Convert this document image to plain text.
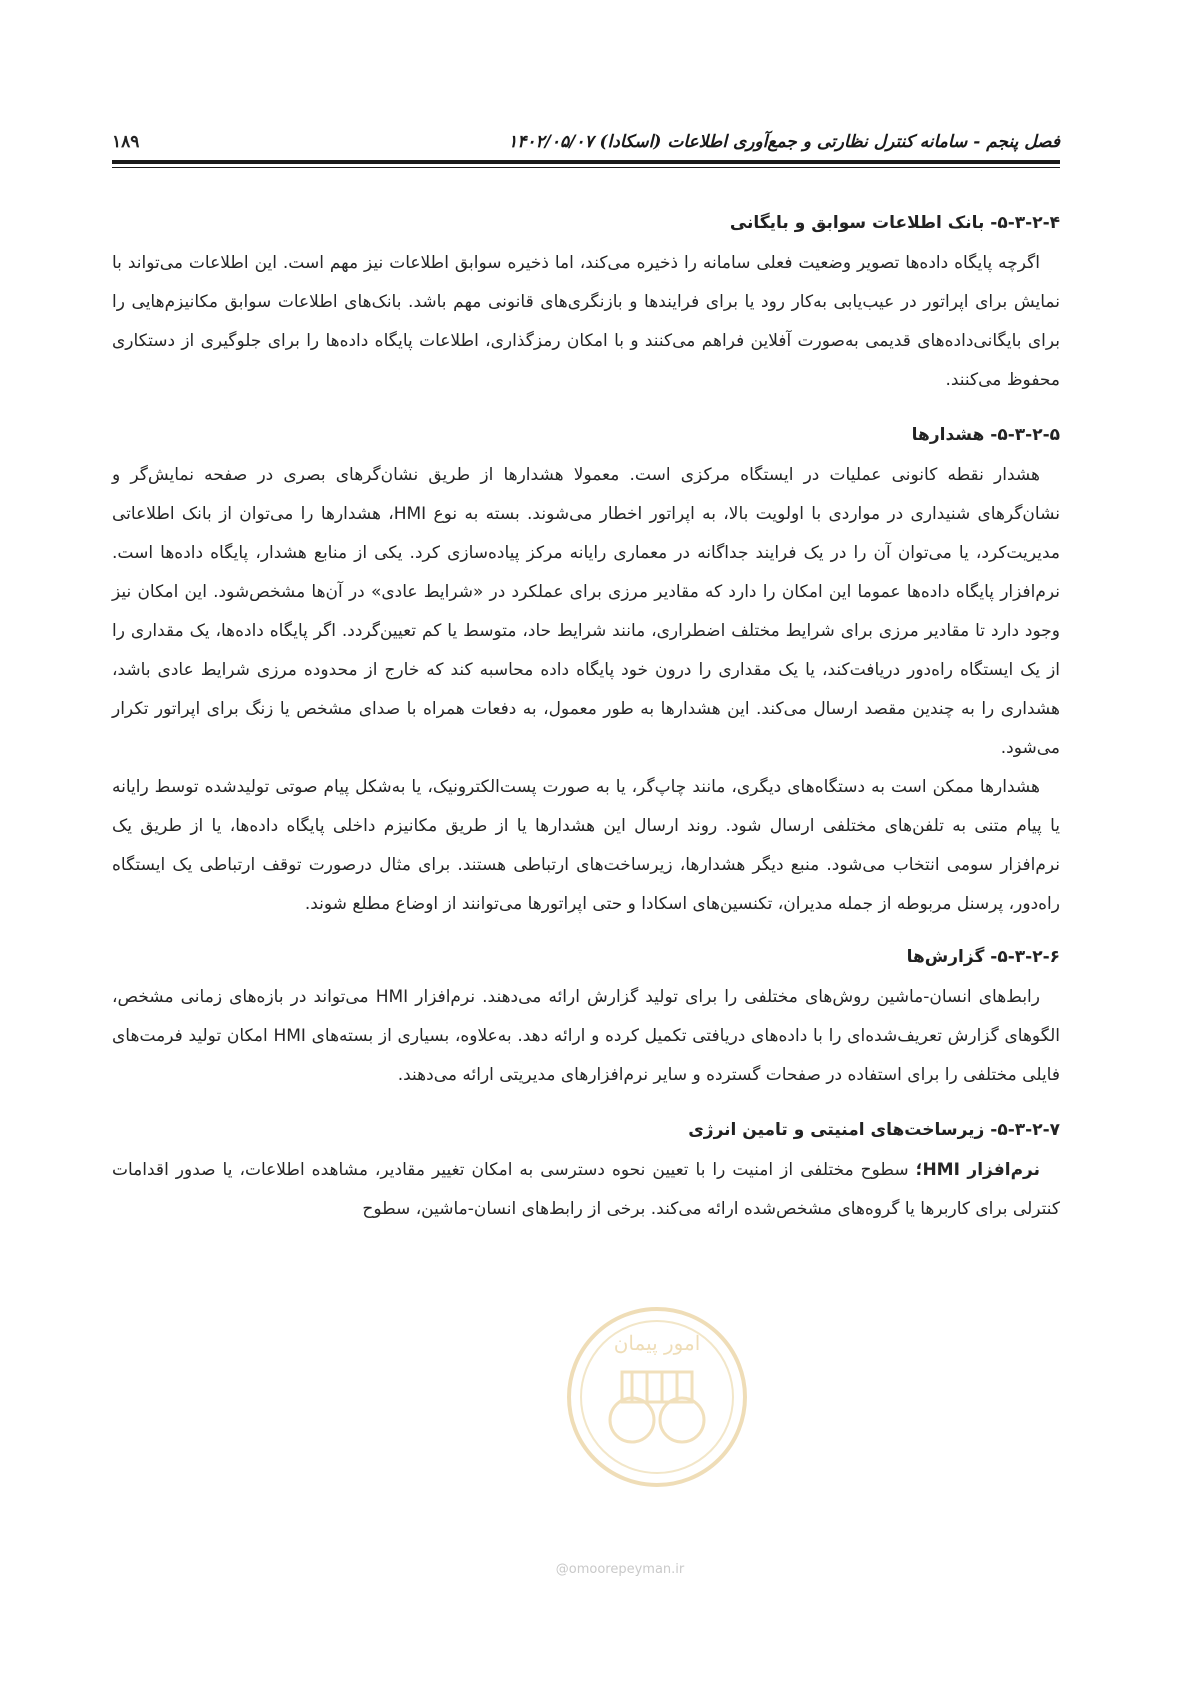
فصل پنجم - سامانه کنترل نظارتی و جمع‌آوری اطلاعات (اسکادا) ۱۴۰۲/۰۵/۰۷
۱۸۹
۵-۳-۲-۴- بانک اطلاعات سوابق و بایگانی

اگرچه پایگاه داده‌ها تصویر وضعیت فعلی سامانه را ذخیره می‌کند، اما ذخیره سوابق اطلاعات نیز مهم است. این اطلاعات می‌تواند با نمایش برای اپراتور در عیب‌یابی به‌کار رود یا برای فرایندها و بازنگری‌های قانونی مهم باشد. بانک‌های اطلاعات سوابق مکانیزم‌هایی را برای بایگانی‌داده‌های قدیمی به‌صورت آفلاین فراهم می‌کنند و با امکان رمزگذاری، اطلاعات پایگاه داده‌ها را برای جلوگیری از دستکاری محفوظ می‌کنند.

۵-۳-۲-۵- هشدارها

هشدار نقطه کانونی عملیات در ایستگاه مرکزی است. معمولا هشدارها از طریق نشان‌گرهای بصری در صفحه نمایش‌گر و نشان‌گرهای شنیداری در مواردی با اولویت بالا، به اپراتور اخطار می‌شوند. بسته به نوع HMI، هشدارها را می‌توان از بانک اطلاعاتی مدیریت‌کرد، یا می‌توان آن را در یک فرایند جداگانه در معماری رایانه مرکز پیاده‌سازی کرد. یکی از منابع هشدار، پایگاه داده‌ها است. نرم‌افزار پایگاه داده‌ها عموما این امکان را دارد که مقادیر مرزی برای عملکرد در «شرایط عادی» در آن‌ها مشخص‌شود. این امکان نیز وجود دارد تا مقادیر مرزی برای شرایط مختلف اضطراری، مانند شرایط حاد، متوسط یا کم تعیین‌گردد. اگر پایگاه داده‌ها، یک مقداری را از یک ایستگاه راه‌دور دریافت‌کند، یا یک مقداری را درون خود پایگاه داده محاسبه کند که خارج از محدوده مرزی شرایط عادی باشد، هشداری را به چندین مقصد ارسال می‌کند. این هشدارها به طور معمول، به دفعات همراه با صدای مشخص یا زنگ برای اپراتور تکرار می‌شود.

هشدارها ممکن است به دستگاه‌های دیگری، مانند چاپ‌گر، یا به صورت پست‌الکترونیک، یا به‌شکل پیام صوتی تولیدشده توسط رایانه یا پیام متنی به تلفن‌های مختلفی ارسال شود. روند ارسال این هشدارها یا از طریق مکانیزم داخلی پایگاه داده‌ها، یا از طریق یک نرم‌افزار سومی انتخاب می‌شود. منبع دیگر هشدارها، زیرساخت‌های ارتباطی هستند. برای مثال درصورت توقف ارتباطی یک ایستگاه راه‌دور، پرسنل مربوطه از جمله مدیران، تکنسین‌های اسکادا و حتی اپراتورها می‌توانند از اوضاع مطلع شوند.

۵-۳-۲-۶- گزارش‌ها

رابط‌های انسان-ماشین روش‌های مختلفی را برای تولید گزارش ارائه می‌دهند. نرم‌افزار HMI می‌تواند در بازه‌های زمانی مشخص، الگوهای گزارش تعریف‌شده‌ای را با داده‌های دریافتی تکمیل کرده و ارائه دهد. به‌علاوه، بسیاری از بسته‌های HMI امکان تولید فرمت‌های فایلی مختلفی را برای استفاده در صفحات گسترده و سایر نرم‌افزارهای مدیریتی ارائه می‌دهند.

۵-۳-۲-۷- زیرساخت‌های امنیتی و تامین انرژی

نرم‌افزار HMI؛ سطوح مختلفی از امنیت را با تعیین نحوه دسترسی به امکان تغییر مقادیر، مشاهده اطلاعات، یا صدور اقدامات کنترلی برای کاربرها یا گروه‌های مشخص‌شده ارائه می‌کند. برخی از رابط‌های انسان-ماشین، سطوح

امور پیمان
@omoorepeyman.ir
